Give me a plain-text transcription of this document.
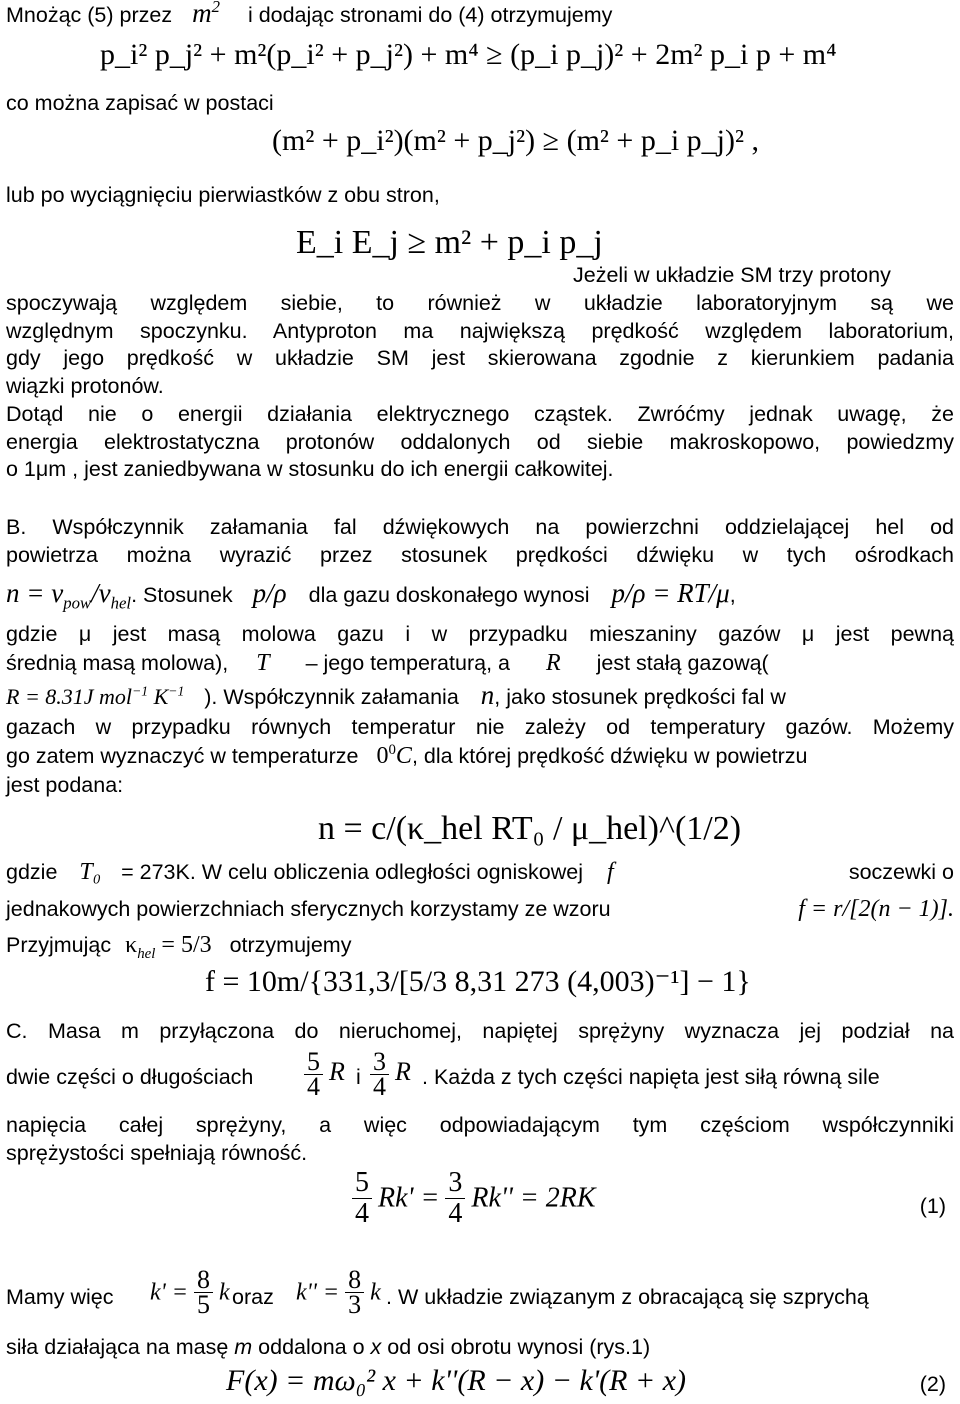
Mnożąc (5) przez $m^2$ i dodając stronami do (4) otrzymujemy
p_i² p_j² + m²(p_i² + p_j²) + m⁴ ≥ (p_i p_j)² + 2m² p_i p + m⁴
co można zapisać w postaci
(m² + p_i²)(m² + p_j²) ≥ (m² + p_i p_j)² ,
lub po wyciągnięciu pierwiastków z obu stron,
E_i E_j ≥ m² + p_i p_j
Jeżeli w układzie SM trzy protony
spoczywają względem siebie, to również w układzie laboratoryjnym są we
względnym spoczynku. Antyproton ma największą prędkość względem laboratorium,
gdy jego prędkość w układzie SM jest skierowana zgodnie z kierunkiem padania
wiązki protonów.
Dotąd nie o energii działania elektrycznego cząstek. Zwróćmy jednak uwagę, że
energia elektrostatyczna protonów oddalonych od siebie makroskopowo, powiedzmy
o 1μm , jest zaniedbywana w stosunku do ich energii całkowitej.
B. Współczynnik załamania fal dźwiękowych na powierzchni oddzielającej hel od
powietrza można wyrazić przez stosunek prędkości dźwięku w tych ośrodkach
$n = v_{pow}/v_{hel}$. Stosunek p/ρ dla gazu doskonałego wynosi p/ρ = RT/μ,
gdzie μ jest masą molowa gazu i w przypadku mieszaniny gazów μ jest pewną
średnią masą molowa), T – jego temperaturą, a R jest stałą gazową(
R = 8.31J mol$^{-1}$ $K^{-1}$ ). Współczynnik załamania n, jako stosunek prędkości fal w
gazach w przypadku równych temperatur nie zależy od temperatury gazów. Możemy
go zatem wyznaczyć w temperaturze $0^0C$, dla której prędkość dźwięku w powietrzu
jest podana:
n = c/(κ_hel RT₀ / μ_hel)^(1/2)
gdzie T₀ = 273K. W celu obliczenia odległości ogniskowej f	soczewki o
jednakowych powierzchniach sferycznych korzystamy ze wzoru	f = r/[2(n − 1)].
Przyjmując $\kappa_{hel} = 5/3$ otrzymujemy
f = 10m/{331,3/[5/3 8,31 273 (4,003)⁻¹] − 1}
C. Masa m przyłączona do nieruchomej, napiętej sprężyny wyznacza jej podział na
dwie części o długościach $\frac{5}{4}$ R i $\frac{3}{4}$ R . Każda z tych części napięta jest siłą równą sile
napięcia całej sprężyny, a więc odpowiadającym tym częściom współczynniki
sprężystości spełniają równość.
$\frac{5}{4} Rk' = \frac{3}{4} Rk'' = 2RK$	(1)
Mamy więc $k' = \frac{8}{5}$ k oraz $k'' = \frac{8}{3}$ k . W układzie związanym z obracającą się szprychą
siła działająca na masę m oddalona o x od osi obrotu wynosi (rys.1)
F(x) = mω₀² x + k''(R − x) − k'(R + x)	(2)
